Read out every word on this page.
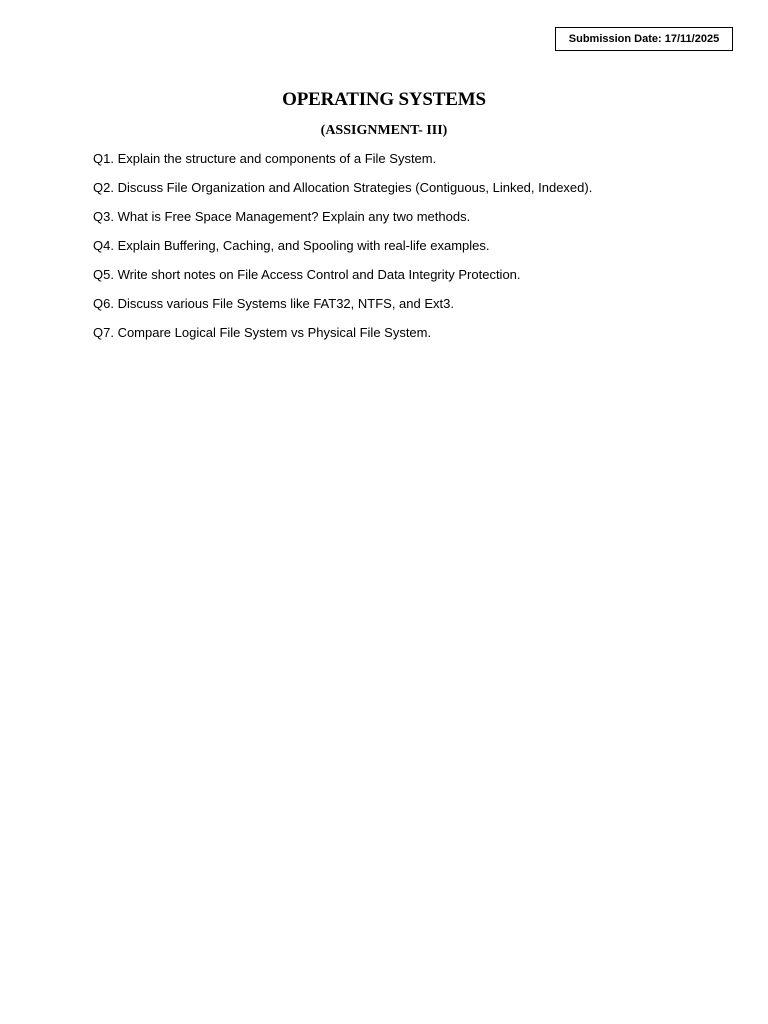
Submission Date: 17/11/2025
OPERATING SYSTEMS
(ASSIGNMENT- III)
Q1. Explain the structure and components of a File System.
Q2. Discuss File Organization and Allocation Strategies (Contiguous, Linked, Indexed).
Q3. What is Free Space Management? Explain any two methods.
Q4. Explain Buffering, Caching, and Spooling with real-life examples.
Q5. Write short notes on File Access Control and Data Integrity Protection.
Q6. Discuss various File Systems like FAT32, NTFS, and Ext3.
Q7. Compare Logical File System vs Physical File System.
